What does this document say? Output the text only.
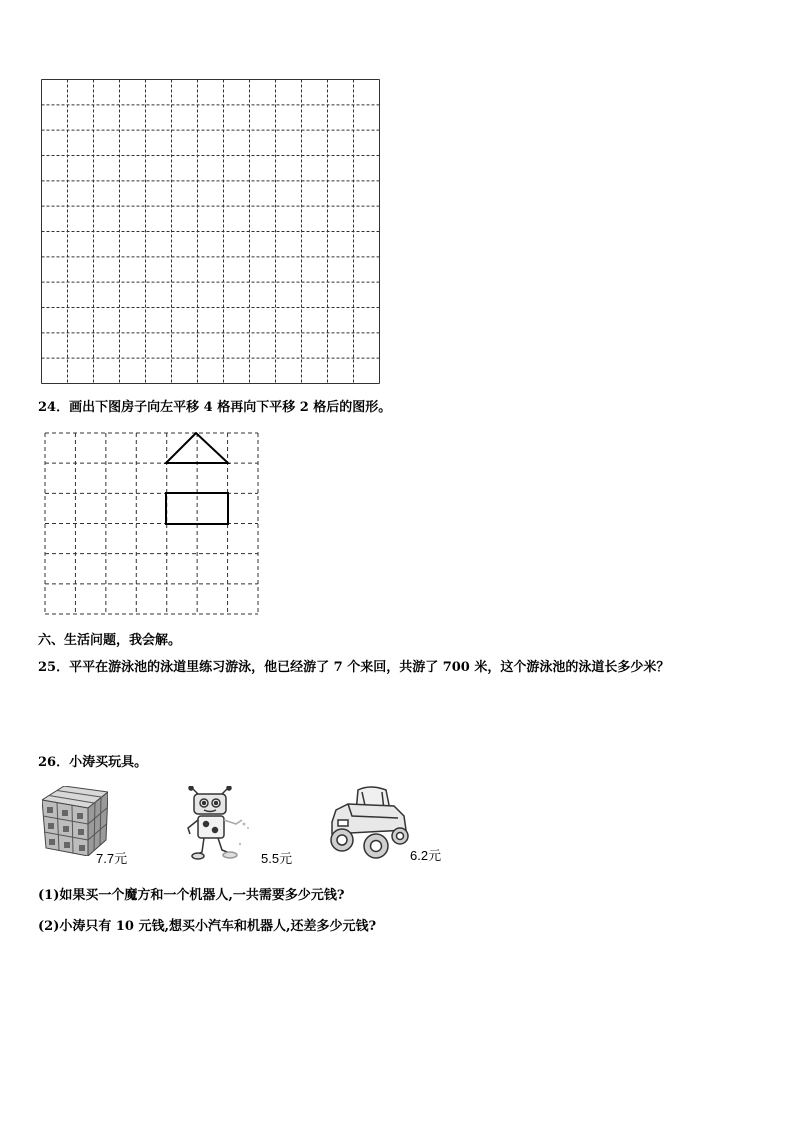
24．画出下图房子向左平移 4 格再向下平移 2 格后的图形。
六、生活问题，我会解。
25．平平在游泳池的泳道里练习游泳，他已经游了 7 个来回，共游了 700 米，这个游泳池的泳道长多少米？
26．小涛买玩具。
7.7元	5.5元	6.2元
(1)如果买一个魔方和一个机器人,一共需要多少元钱?
(2)小涛只有 10 元钱,想买小汽车和机器人,还差多少元钱?
